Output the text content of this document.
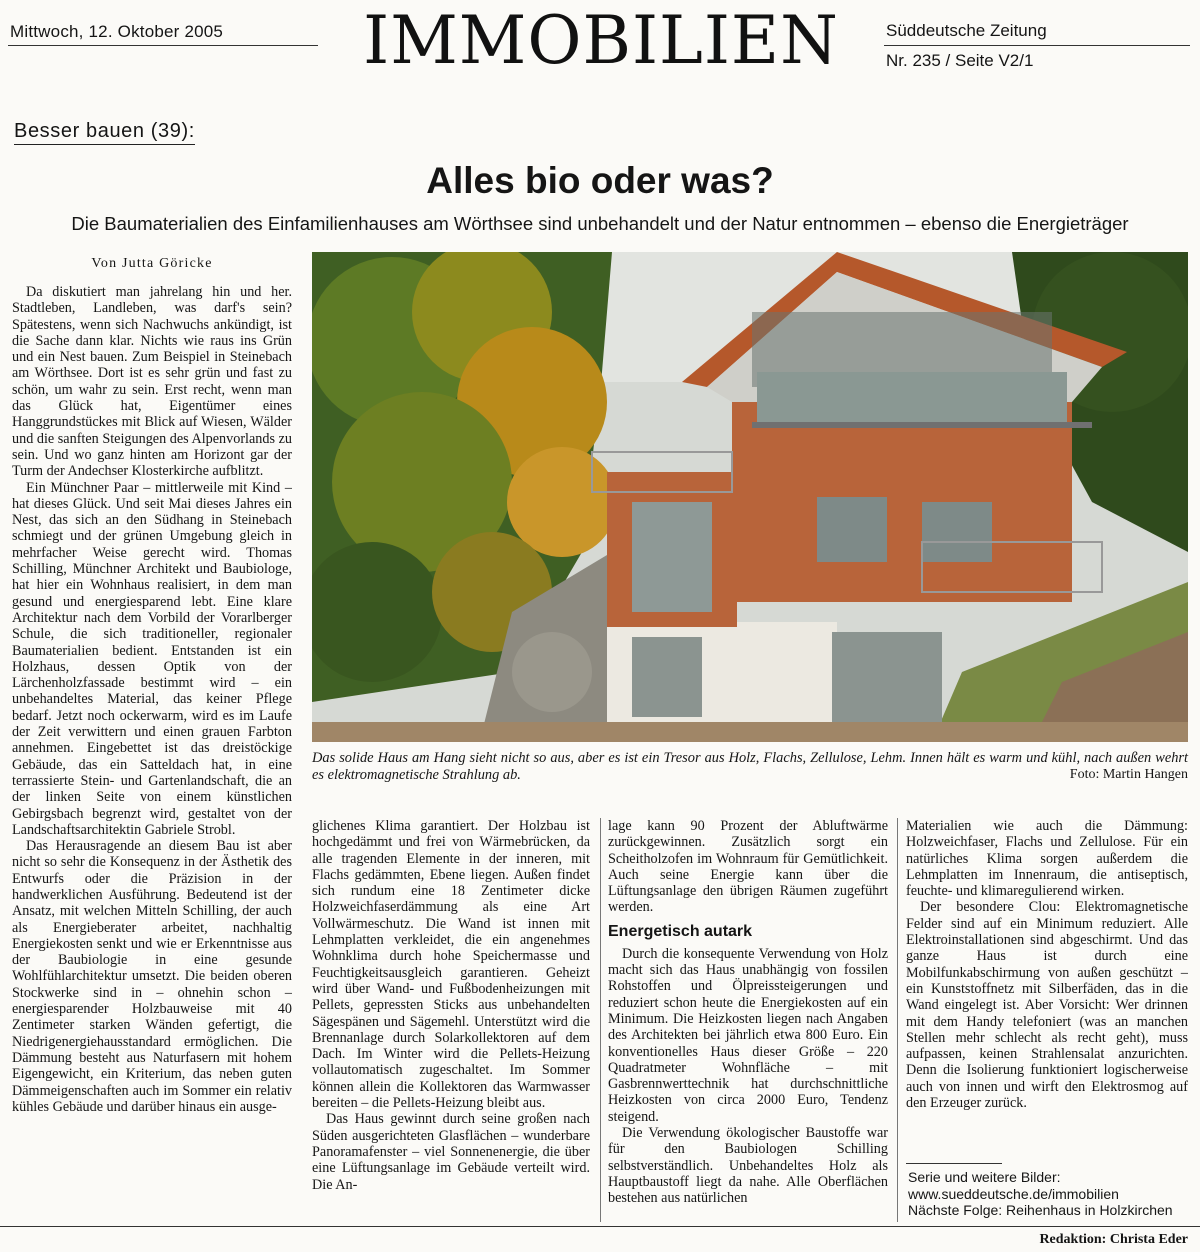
Mittwoch, 12. Oktober 2005	IMMOBILIEN	Süddeutsche Zeitung
Nr. 235 / Seite V2/1
Besser bauen (39):
Alles bio oder was?
Die Baumaterialien des Einfamilienhauses am Wörthsee sind unbehandelt und der Natur entnommen – ebenso die Energieträger
Von Jutta Göricke

Da diskutiert man jahrelang hin und her. Stadtleben, Landleben, was darf's sein? Spätestens, wenn sich Nachwuchs ankündigt, ist die Sache dann klar. Nichts wie raus ins Grün und ein Nest bauen. Zum Beispiel in Steinebach am Wörthsee. Dort ist es sehr grün und fast zu schön, um wahr zu sein. Erst recht, wenn man das Glück hat, Eigentümer eines Hanggrundstückes mit Blick auf Wiesen, Wälder und die sanften Steigungen des Alpenvorlands zu sein. Und wo ganz hinten am Horizont gar der Turm der Andechser Klosterkirche aufblitzt.

Ein Münchner Paar – mittlerweile mit Kind – hat dieses Glück. Und seit Mai dieses Jahres ein Nest, das sich an den Südhang in Steinebach schmiegt und der grünen Umgebung gleich in mehrfacher Weise gerecht wird. Thomas Schilling, Münchner Architekt und Baubiologe, hat hier ein Wohnhaus realisiert, in dem man gesund und energiesparend lebt. Eine klare Architektur nach dem Vorbild der Vorarlberger Schule, die sich traditioneller, regionaler Baumaterialien bedient. Entstanden ist ein Holzhaus, dessen Optik von der Lärchenholzfassade bestimmt wird – ein unbehandeltes Material, das keiner Pflege bedarf. Jetzt noch ockerwarm, wird es im Laufe der Zeit verwittern und einen grauen Farbton annehmen. Eingebettet ist das dreistöckige Gebäude, das ein Satteldach hat, in eine terrassierte Stein- und Gartenlandschaft, die an der linken Seite von einem künstlichen Gebirgsbach begrenzt wird, gestaltet von der Landschaftsarchitektin Gabriele Strobl.

Das Herausragende an diesem Bau ist aber nicht so sehr die Konsequenz in der Ästhetik des Entwurfs oder die Präzision in der handwerklichen Ausführung. Bedeutend ist der Ansatz, mit welchen Mitteln Schilling, der auch als Energieberater arbeitet, nachhaltig Energiekosten senkt und wie er Erkenntnisse aus der Baubiologie in eine gesunde Wohlfühlarchitektur umsetzt. Die beiden oberen Stockwerke sind in – ohnehin schon – energiesparender Holzbauweise mit 40 Zentimeter starken Wänden gefertigt, die Niedrigenergiehausstandard ermöglichen. Die Dämmung besteht aus Naturfasern mit hohem Eigengewicht, ein Kriterium, das neben guten Dämmeigenschaften auch im Sommer ein relativ kühles Gebäude und darüber hinaus ein ausge-

Das solide Haus am Hang sieht nicht so aus, aber es ist ein Tresor aus Holz, Flachs, Zellulose, Lehm. Innen hält es warm und kühl, nach außen wehrt es elektromagnetische Strahlung ab.	Foto: Martin Hangen

glichenes Klima garantiert. Der Holzbau ist hochgedämmt und frei von Wärmebrücken, da alle tragenden Elemente in der inneren, mit Flachs gedämmten, Ebene liegen. Außen findet sich rundum eine 18 Zentimeter dicke Holzweichfaserdämmung als eine Art Vollwärmeschutz. Die Wand ist innen mit Lehmplatten verkleidet, die ein angenehmes Wohnklima durch hohe Speichermasse und Feuchtigkeitsausgleich garantieren. Geheizt wird über Wand- und Fußbodenheizungen mit Pellets, gepressten Sticks aus unbehandelten Sägespänen und Sägemehl. Unterstützt wird die Brennanlage durch Solarkollektoren auf dem Dach. Im Winter wird die Pellets-Heizung vollautomatisch zugeschaltet. Im Sommer können allein die Kollektoren das Warmwasser bereiten – die Pellets-Heizung bleibt aus.

Das Haus gewinnt durch seine großen nach Süden ausgerichteten Glasflächen – wunderbare Panoramafenster – viel Sonnenenergie, die über eine Lüftungsanlage im Gebäude verteilt wird. Die An-

lage kann 90 Prozent der Abluftwärme zurückgewinnen. Zusätzlich sorgt ein Scheitholzofen im Wohnraum für Gemütlichkeit. Auch seine Energie kann über die Lüftungsanlage den übrigen Räumen zugeführt werden.

Energetisch autark

Durch die konsequente Verwendung von Holz macht sich das Haus unabhängig von fossilen Rohstoffen und Ölpreissteigerungen und reduziert schon heute die Energiekosten auf ein Minimum. Die Heizkosten liegen nach Angaben des Architekten bei jährlich etwa 800 Euro. Ein konventionelles Haus dieser Größe – 220 Quadratmeter Wohnfläche – mit Gasbrennwerttechnik hat durchschnittliche Heizkosten von circa 2000 Euro, Tendenz steigend.

Die Verwendung ökologischer Baustoffe war für den Baubiologen Schilling selbstverständlich. Unbehandeltes Holz als Hauptbaustoff liegt da nahe. Alle Oberflächen bestehen aus natürlichen

Materialien wie auch die Dämmung: Holzweichfaser, Flachs und Zellulose. Für ein natürliches Klima sorgen außerdem die Lehmplatten im Innenraum, die antiseptisch, feuchte- und klimaregulierend wirken.

Der besondere Clou: Elektromagnetische Felder sind auf ein Minimum reduziert. Alle Elektroinstallationen sind abgeschirmt. Und das ganze Haus ist durch eine Mobilfunkabschirmung von außen geschützt – ein Kunststoffnetz mit Silberfäden, das in die Wand eingelegt ist. Aber Vorsicht: Wer drinnen mit dem Handy telefoniert (was an manchen Stellen mehr schlecht als recht geht), muss aufpassen, keinen Strahlensalat anzurichten. Denn die Isolierung funktioniert logischerweise auch von innen und wirft den Elektrosmog auf den Erzeuger zurück.

Serie und weitere Bilder: www.sueddeutsche.de/immobilien
Nächste Folge: Reihenhaus in Holzkirchen
Redaktion: Christa Eder
